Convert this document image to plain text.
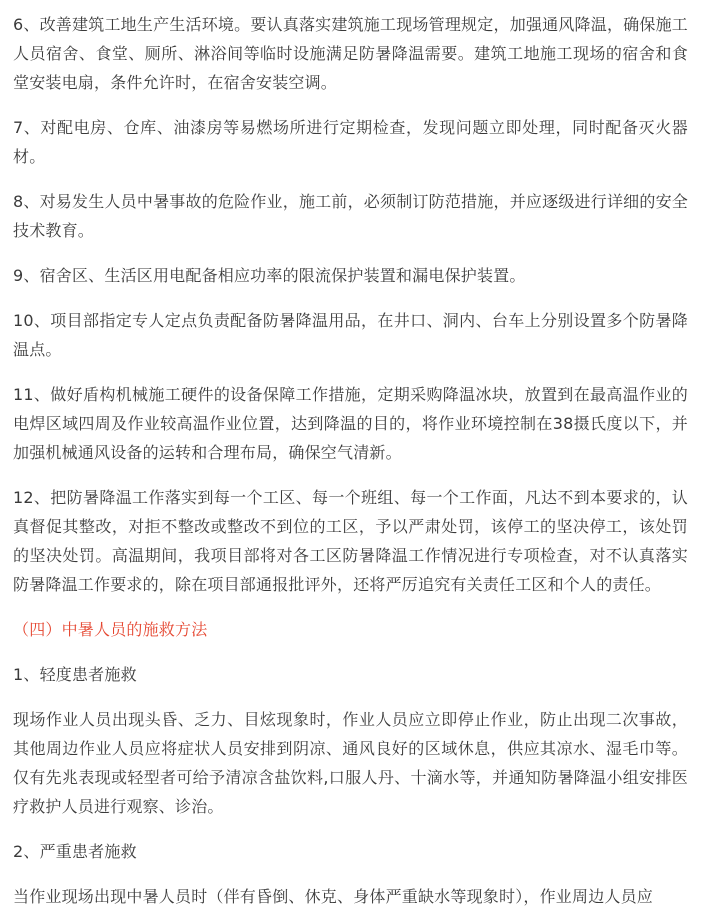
6、改善建筑工地生产生活环境。要认真落实建筑施工现场管理规定，加强通风降温，确保施工人员宿舍、食堂、厕所、淋浴间等临时设施满足防暑降温需要。建筑工地施工现场的宿舍和食堂安装电扇，条件允许时，在宿舍安装空调。

7、对配电房、仓库、油漆房等易燃场所进行定期检查，发现问题立即处理，同时配备灭火器材。

8、对易发生人员中暑事故的危险作业，施工前，必须制订防范措施，并应逐级进行详细的安全技术教育。

9、宿舍区、生活区用电配备相应功率的限流保护装置和漏电保护装置。

10、项目部指定专人定点负责配备防暑降温用品，在井口、洞内、台车上分别设置多个防暑降温点。

11、做好盾构机械施工硬件的设备保障工作措施，定期采购降温冰块，放置到在最高温作业的电焊区域四周及作业较高温作业位置，达到降温的目的，将作业环境控制在38摄氏度以下，并加强机械通风设备的运转和合理布局，确保空气清新。

12、把防暑降温工作落实到每一个工区、每一个班组、每一个工作面，凡达不到本要求的，认真督促其整改，对拒不整改或整改不到位的工区，予以严肃处罚，该停工的坚决停工，该处罚的坚决处罚。高温期间，我项目部将对各工区防暑降温工作情况进行专项检查，对不认真落实防暑降温工作要求的，除在项目部通报批评外，还将严厉追究有关责任工区和个人的责任。

（四）中暑人员的施救方法

1、轻度患者施救

现场作业人员出现头昏、乏力、目炫现象时，作业人员应立即停止作业，防止出现二次事故，其他周边作业人员应将症状人员安排到阴凉、通风良好的区域休息，供应其凉水、湿毛巾等。仅有先兆表现或轻型者可给予清凉含盐饮料,口服人丹、十滴水等，并通知防暑降温小组安排医疗救护人员进行观察、诊治。

2、严重患者施救

当作业现场出现中暑人员时（伴有昏倒、休克、身体严重缺水等现象时），作业周边人员应
